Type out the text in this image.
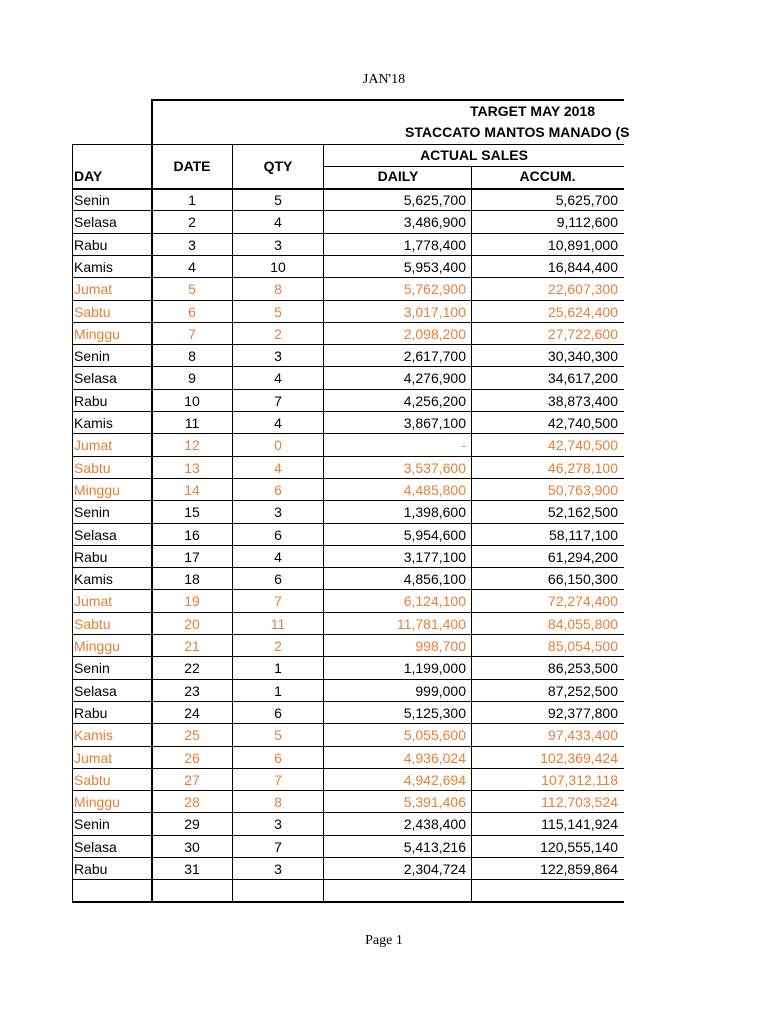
JAN'18
TARGET MAY 2018
STACCATO MANTOS MANADO (S
DATE	QTY
ACTUAL SALES
DAILY	ACCUM.
DAY
Senin	1	5	5,625,700	5,625,700
Selasa	2	4	3,486,900	9,112,600
Rabu	3	3	1,778,400	10,891,000
Kamis	4	10	5,953,400	16,844,400
Jumat	5	8	5,762,900	22,607,300
Sabtu	6	5	3,017,100	25,624,400
Minggu	7	2	2,098,200	27,722,600
Senin	8	3	2,617,700	30,340,300
Selasa	9	4	4,276,900	34,617,200
Rabu	10	7	4,256,200	38,873,400
Kamis	11	4	3,867,100	42,740,500
Jumat	12	0	-	42,740,500
Sabtu	13	4	3,537,600	46,278,100
Minggu	14	6	4,485,800	50,763,900
Senin	15	3	1,398,600	52,162,500
Selasa	16	6	5,954,600	58,117,100
Rabu	17	4	3,177,100	61,294,200
Kamis	18	6	4,856,100	66,150,300
Jumat	19	7	6,124,100	72,274,400
Sabtu	20	11	11,781,400	84,055,800
Minggu	21	2	998,700	85,054,500
Senin	22	1	1,199,000	86,253,500
Selasa	23	1	999,000	87,252,500
Rabu	24	6	5,125,300	92,377,800
Kamis	25	5	5,055,600	97,433,400
Jumat	26	6	4,936,024	102,369,424
Sabtu	27	7	4,942,694	107,312,118
Minggu	28	8	5,391,406	112,703,524
Senin	29	3	2,438,400	115,141,924
Selasa	30	7	5,413,216	120,555,140
Rabu	31	3	2,304,724	122,859,864
Page 1
